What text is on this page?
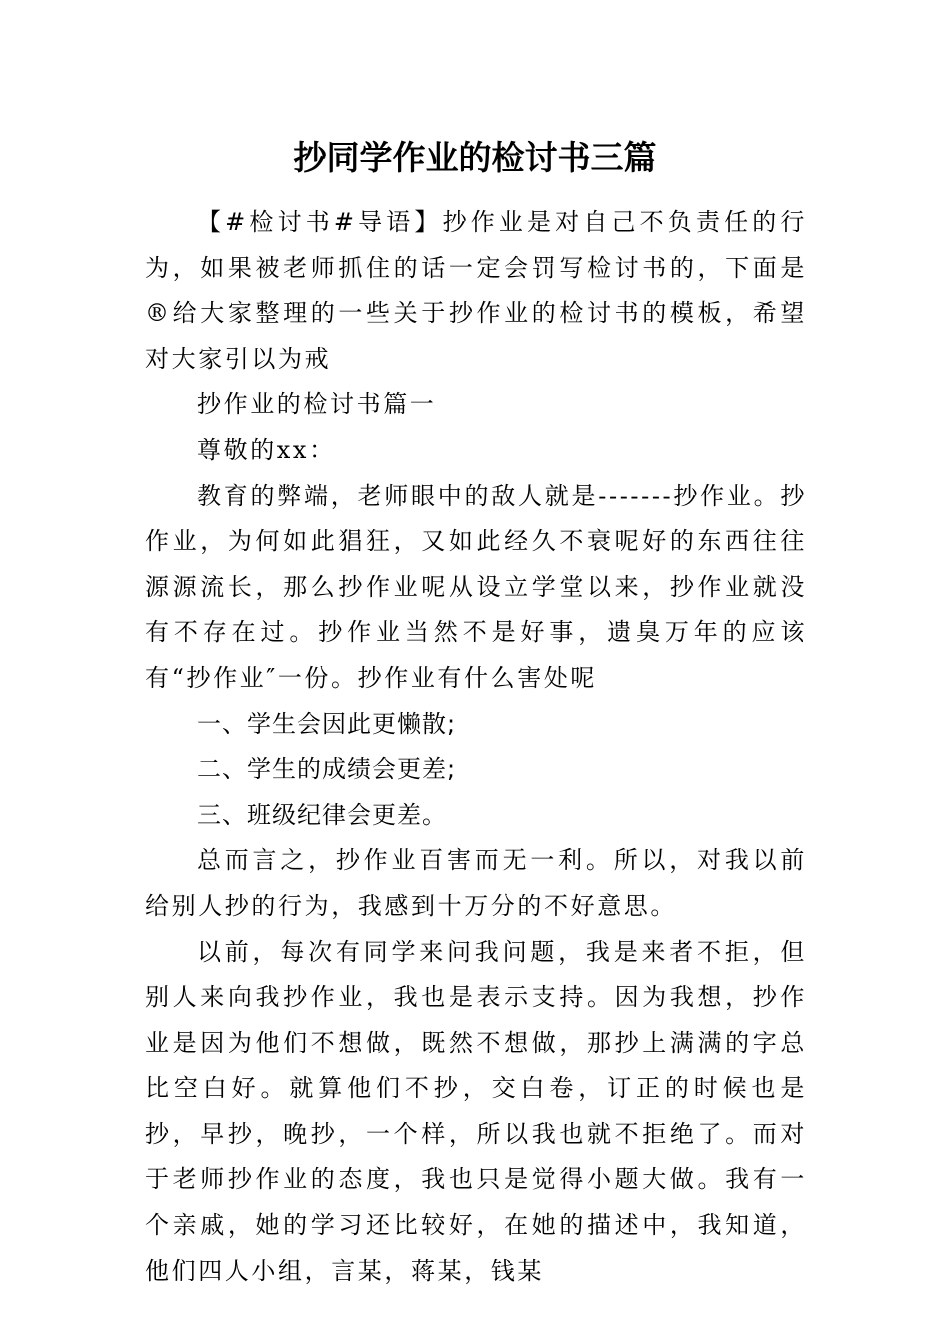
抄同学作业的检讨书三篇

【#检讨书#导语】抄作业是对自己不负责任的行为，如果被老师抓住的话一定会罚写检讨书的，下面是®给大家整理的一些关于抄作业的检讨书的模板，希望对大家引以为戒

抄作业的检讨书篇一

尊敬的xx：

教育的弊端，老师眼中的敌人就是-------抄作业。抄作业，为何如此猖狂，又如此经久不衰呢好的东西往往源源流长，那么抄作业呢从设立学堂以来，抄作业就没有不存在过。抄作业当然不是好事，遗臭万年的应该有“抄作业″一份。抄作业有什么害处呢

一、学生会因此更懒散;

二、学生的成绩会更差;

三、班级纪律会更差。

总而言之，抄作业百害而无一利。所以，对我以前给别人抄的行为，我感到十万分的不好意思。

以前，每次有同学来问我问题，我是来者不拒，但别人来向我抄作业，我也是表示支持。因为我想，抄作业是因为他们不想做，既然不想做，那抄上满满的字总比空白好。就算他们不抄，交白卷，订正的时候也是抄，早抄，晚抄，一个样，所以我也就不拒绝了。而对于老师抄作业的态度，我也只是觉得小题大做。我有一个亲戚，她的学习还比较好，在她的描述中，我知道，他们四人小组，言某，蒋某，钱某
